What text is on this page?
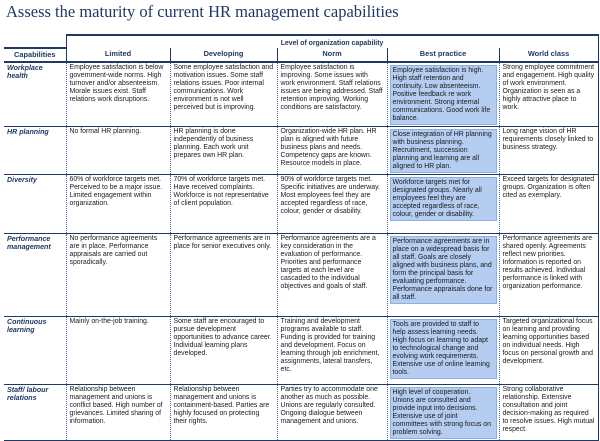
Assess the maturity of current HR management capabilities
	Level of organization capability				
Capabilities	Limited	Developing	Norm	Best practice	World class
Workplace health	Employee satisfaction is below government-wide norms. High turnover and/or absenteeism. Morale issues exist. Staff relations work disruptions.	Some employee satisfaction and motivation issues. Some staff relations issues. Poor internal communications. Work environment is not well perceived but is improving.	Employee satisfaction is improving. Some issues with work environment. Staff relations issues are being addressed. Staff retention improving. Working conditions are satisfactory.	Employee satisfaction is high. High staff retention and continuity. Low absenteeism. Positive feedback re work environment. Strong internal communications. Good work life balance.	Strong employee commitment and engagement. High quality of work environment. Organization is seen as a highly attractive place to work.
HR planning	No formal HR planning.	HR planning is done independently of business planning. Each work unit prepares own HR plan.	Organization-wide HR plan. HR plan is aligned with future business plans and needs. Competency gaps are known. Resource models in place.	Close integration of HR planning with business planning. Recruitment, succession planning and learning are all aligned to HR plan.	Long range vision of HR requirements closely linked to business strategy.
Diversity	60% of workforce targets met. Perceived to be a major issue. Limited engagement within organization.	70% of workforce targets met. Have received complaints. Workforce is not representative of client population.	90% of workforce targets met. Specific initiatives are underway. Most employees feel they are accepted regardless of race, colour, gender or disability.	Workforce targets met for designated groups. Nearly all employees feel they are accepted regardless of race, colour, gender or disability.	Exceed targets for designated groups. Organization is often cited as exemplary.
Performance management	No performance agreements are in place. Performance appraisals are carried out sporadically.	Performance agreements are in place for senior executives only.	Performance agreements are a key consideration in the evaluation of performance. Priorities and performance targets at each level are cascaded to the individual objectives and goals of staff.	Performance agreements are in place on a widespread basis for all staff. Goals are closely aligned with business plans, and form the principal basis for evaluating performance. Performance appraisals done for all staff.	Performance agreements are shared openly. Agreements reflect new priorities. Information is reported on results achieved. Individual performance is linked with organization performance.
Continuous learning	Mainly on-the-job training.	Some staff are encouraged to pursue development opportunities to advance career. Individual learning plans developed.	Training and development programs available to staff. Funding is provided for training and development. Focus on learning through job enrichment, assignments, lateral transfers, etc.	Tools are provided to staff to help assess learning needs. High focus on learning to adapt to technological change and evolving work requirements. Extensive use of online learning tools.	Targeted organizational focus on learning and providing learning opportunities based on individual needs. High focus on personal growth and development.
Staff/ labour relations	Relationship between management and unions is conflict based. High number of grievances. Limited sharing of information.	Relationship between management and unions is containment-based. Parties are highly focused on protecting their rights.	Parties try to accommodate one another as much as possible. Unions are regularly consulted. Ongoing dialogue between management and unions.	High level of cooperation. Unions are consulted and provide input into decisions. Extensive use of joint committees with strong focus on problem solving.	Strong collaborative relationship. Extensive consultation and joint decision-making as required to resolve issues. High mutual respect.
